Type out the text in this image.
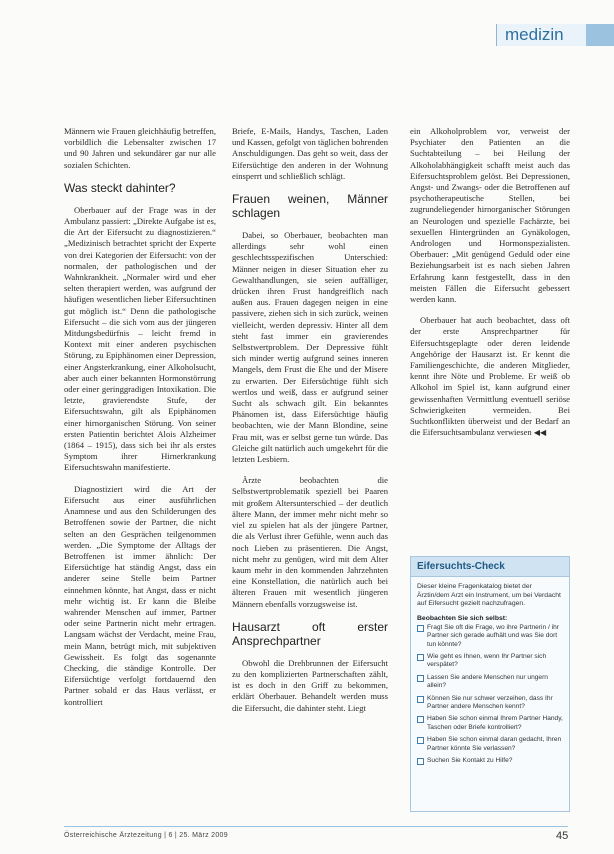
medizin

Männern wie Frauen gleichhäufig betreffen, vorbildlich die Lebensalter zwischen 17 und 90 Jahren und sekundärer gar nur alle sozialen Schichten.

Was steckt dahinter?

Oberbauer auf der Frage was in der Ambulanz passiert: „Direkte Aufgabe ist es, die Art der Eifersucht zu diagnostizieren.“ „Medizinisch betrachtet spricht der Experte von drei Kategorien der Eifersucht: von der normalen, der pathologischen und der Wahnkrankheit. „Normaler wird und eher selten therapiert werden, was aufgrund der häufigen wesentlichen lieber Eifersuchtinen gut möglich ist.“ Denn die pathologische Eifersucht – die sich vom aus der jüngeren Mitdungsbedürfnis – leicht fremd in Kontext mit einer anderen psychischen Störung, zu Epiphänomen einer Depression, einer Angsterkrankung, einer Alkoholsucht, aber auch einer bekannten Hormonstörrung oder einer geringgradigen Intoxikation. Die letzte, gravierendste Stufe, der Eifersuchtswahn, gilt als Epiphänomen einer hirnorganischen Störung. Von seiner ersten Patientin berichtet Alois Alzheimer (1864 – 1915), dass sich bei ihr als erstes Symptom ihrer Hirnerkrankung Eifersuchtswahn manifestierte.

Diagnostiziert wird die Art der Eifersucht aus einer ausführlichen Anamnese und aus den Schilderungen des Betroffenen sowie der Partner, die nicht selten an den Gesprächen teilgenommen werden. „Die Symptome der Alltags der Betroffenen ist immer ähnlich: Der Eifersüchtige hat ständig Angst, dass ein anderer seine Stelle beim Partner einnehmen könnte, hat Angst, dass er nicht mehr wichtig ist. Er kann die Bleibe wahrender Menschen auf immer, Partner oder seine Partnerin nicht mehr ertragen. Langsam wächst der Verdacht, meine Frau, mein Mann, betrügt mich, mit subjektiven Gewissheit. Es folgt das sogenannte Checking, die ständige Kontrolle. Der Eifersüchtige verfolgt fortdauernd den Partner sobald er das Haus verlässt, er kontrolliert

Briefe, E-Mails, Handys, Taschen, Laden und Kassen, gefolgt von täglichen bohrenden Anschuldigungen. Das geht so weit, dass der Eifersüchtige den anderen in der Wohnung einsperrt und schließlich schlägt.

Frauen weinen, Männer schlagen

Dabei, so Oberbauer, beobachten man allerdings sehr wohl einen geschlechtsspezifischen Unterschied: Männer neigen in dieser Situation eher zu Gewalthandlungen, sie seien auffälliger, drücken ihren Frust handgreiflich nach außen aus. Frauen dagegen neigen in eine passivere, ziehen sich in sich zurück, weinen vielleicht, werden depressiv. Hinter all dem steht fast immer ein gravierendes Selbstwertproblem. Der Depressive fühlt sich minder wertig aufgrund seines inneren Mangels, dem Frust die Ehe und der Misere zu erwarten. Der Eifersüchtige fühlt sich wertlos und weiß, dass er aufgrund seiner Sucht als schwach gilt. Ein bekanntes Phänomen ist, dass Eifersüchtige häufig beobachten, wie der Mann Blondine, seine Frau mit, was er selbst gerne tun würde. Das Gleiche gilt natürlich auch umgekehrt für die letzten Lesbiern.

Ärzte beobachten die Selbstwertproblematik speziell bei Paaren mit großem Altersunterschied – der deutlich ältere Mann, der immer mehr nicht mehr so viel zu spielen hat als der jüngere Partner, die als Verlust ihrer Gefühle, wenn auch das noch Lieben zu präsentieren. Die Angst, nicht mehr zu genügen, wird mit dem Alter kaum mehr in den kommenden Jahrzehnten eine Konstellation, die natürlich auch bei älteren Frauen mit wesentlich jüngeren Männern ebenfalls vorzugsweise ist.

Hausarzt oft erster Ansprechpartner

Obwohl die Drehbrunnen der Eifersucht zu den komplizierten Partnerschaften zählt, ist es doch in den Griff zu bekommen, erklärt Oberbauer. Behandelt werden muss die Eifersucht, die dahinter steht. Liegt

ein Alkoholproblem vor, verweist der Psychiater den Patienten an die Suchtabteilung – bei Heilung der Alkoholabhängigkeit schafft meist auch das Eifersuchtsproblem gelöst. Bei Depressionen, Angst- und Zwangs- oder die Betroffenen auf psychotherapeutische Stellen, bei zugrundeliegender hirnorganischer Störungen an Neurologen und spezielle Fachärzte, bei sexuellen Hintergründen an Gynäkologen, Andrologen und Hormonspezialisten. Oberbauer: „Mit genügend Geduld oder eine Beziehungsarbeit ist es nach sieben Jahren Erfahrung kann festgestellt, dass in den meisten Fällen die Eifersucht gebessert werden kann.

Oberbauer hat auch beobachtet, dass oft der erste Ansprechpartner für Eifersuchtsgeplagte oder deren leidende Angehörige der Hausarzt ist. Er kennt die Familiengeschichte, die anderen Mitglieder, kennt ihre Nöte und Probleme. Er weiß ob Alkohol im Spiel ist, kann aufgrund einer gewissenhaften Vermittlung eventuell seriöse Schwierigkeiten vermeiden. Bei Suchtkonflikten überweist und der Bedarf an die Eifersuchtsambulanz verwiesen ◀◀

Eifersuchts-Check
Dieser kleine Fragenkatalog bietet der Ärztin/dem Arzt ein Instrument, um bei Verdacht auf Eifersucht gezielt nachzufragen.
Beobachten Sie sich selbst:
Fragt Sie oft die Frage, wo ihre Partnerin / ihr Partner sich gerade aufhält und was Sie dort tun könnte?
Wie geht es Ihnen, wenn Ihr Partner sich verspätet?
Lassen Sie andere Menschen nur ungern allein?
Können Sie nur schwer verzeihen, dass Ihr Partner andere Menschen kennt?
Haben Sie schon einmal Ihrem Partner Handy, Taschen oder Briefe kontrolliert?
Haben Sie schon einmal daran gedacht, Ihren Partner könnte Sie verlassen?
Suchen Sie Kontakt zu Hilfe?
Österreichische Ärztezeitung | 6 | 25. März 2009	45
